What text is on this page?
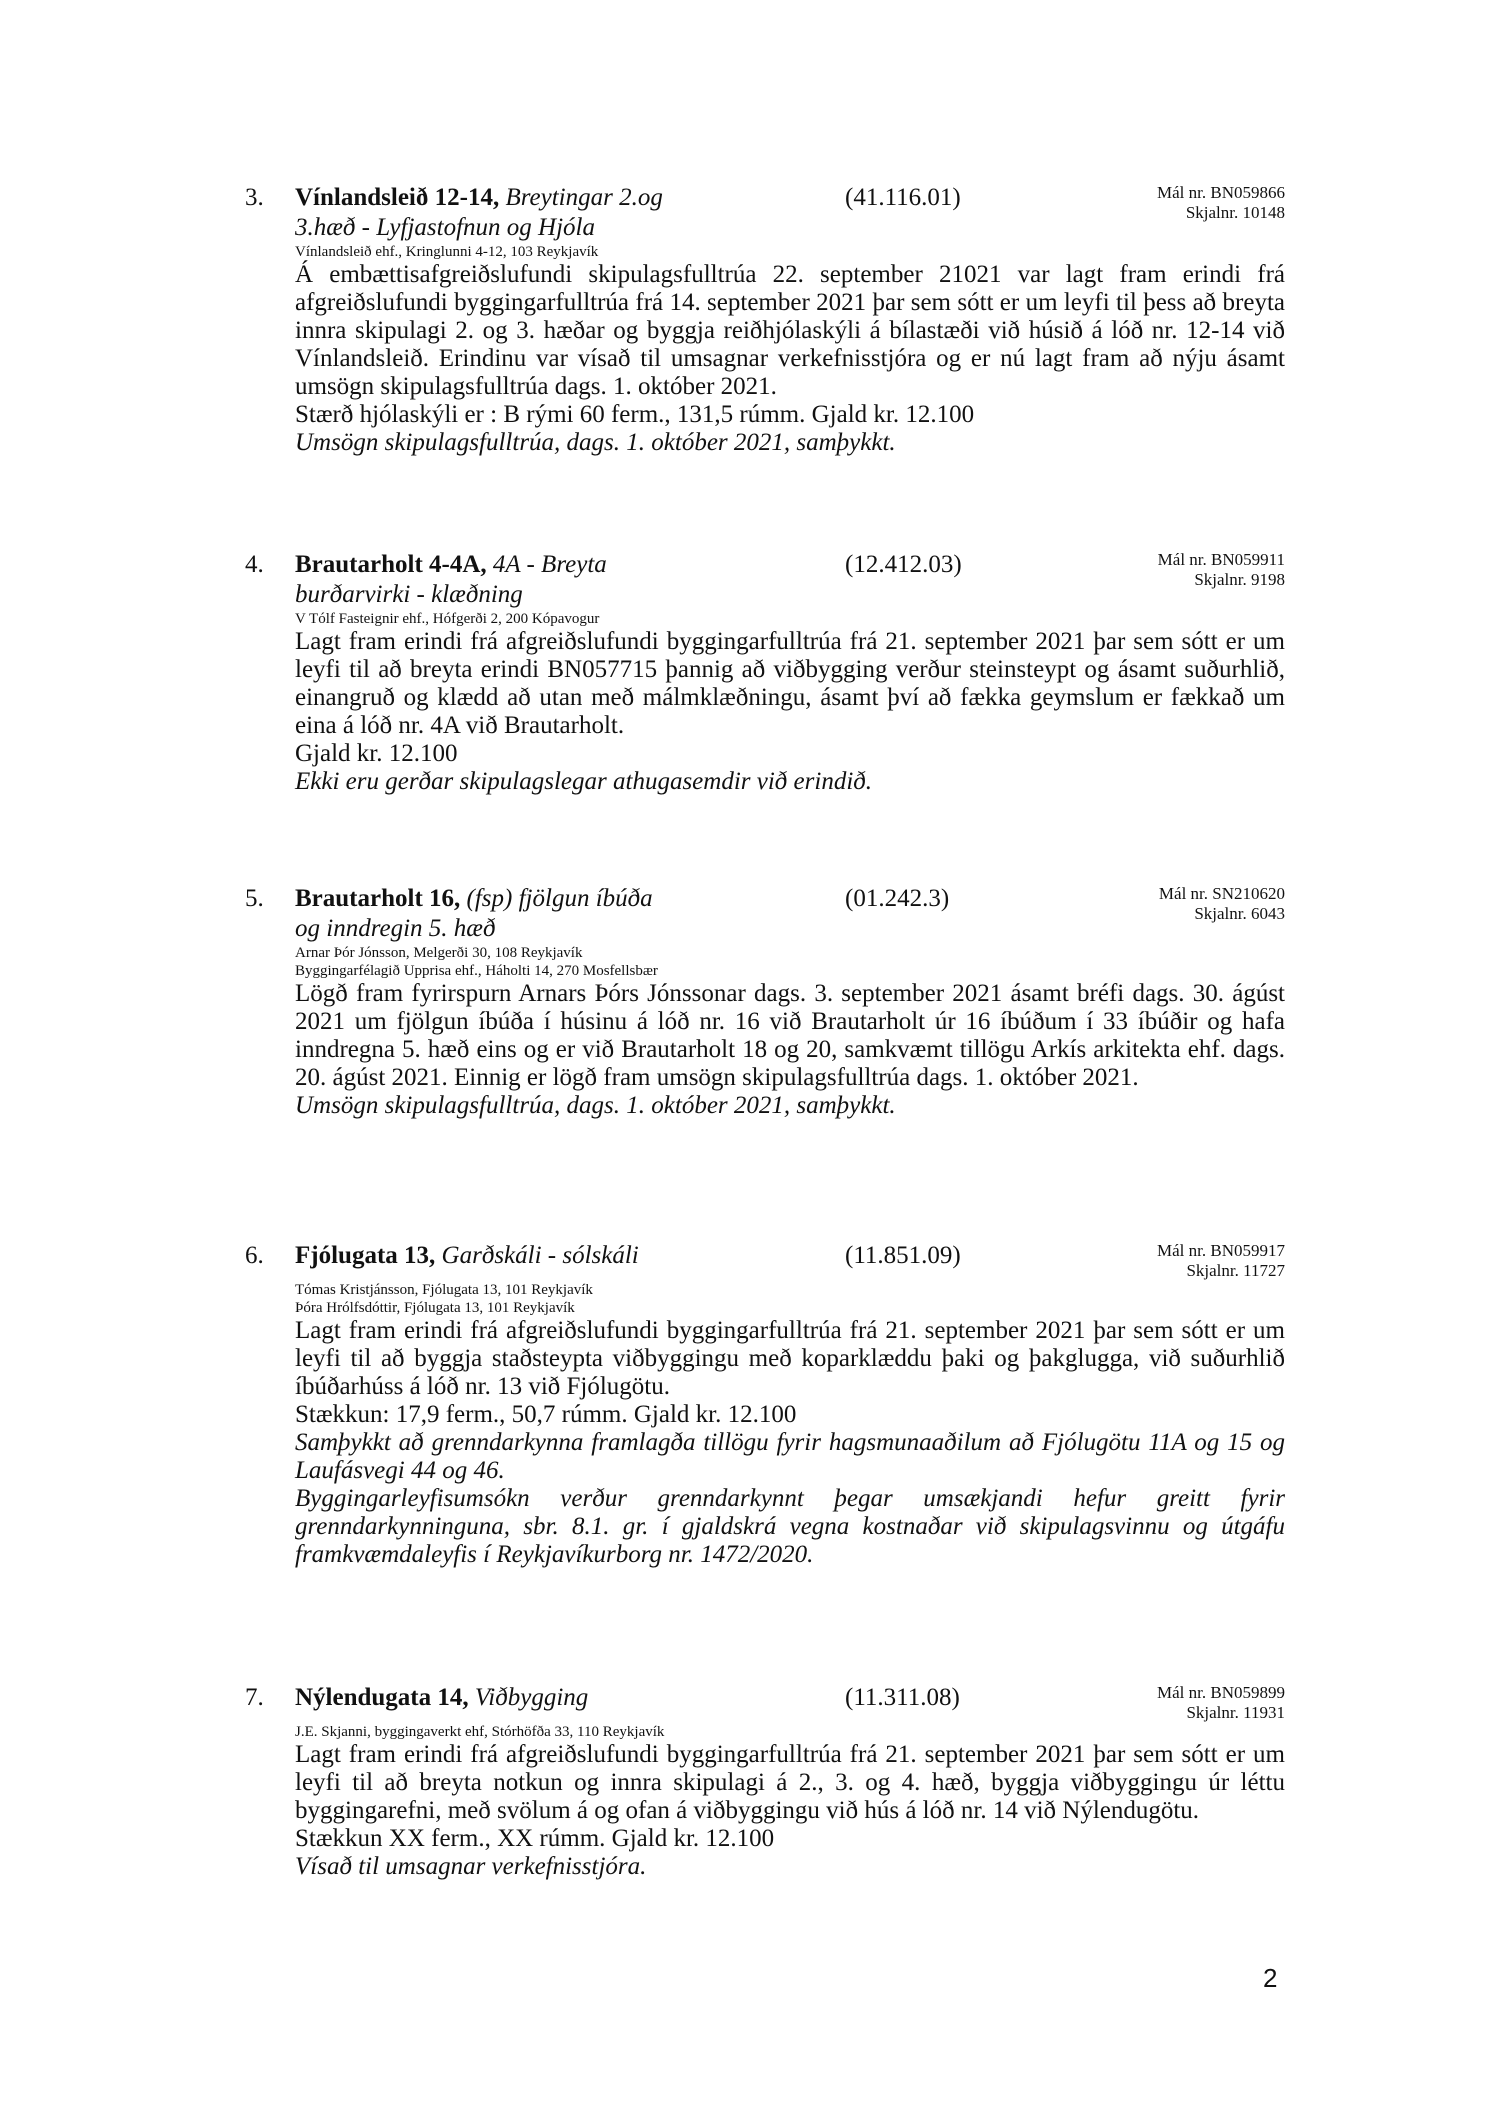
3. Vínlandsleið 12-14, Breytingar 2.og 3.hæð - Lyfjastofnun og Hjóla
(41.116.01)	Mál nr. BN059866
Skjalnr. 10148
Vínlandsleið ehf., Kringlunni 4-12, 103 Reykjavík

Á embættisafgreiðslufundi skipulagsfulltrúa 22. september 21021 var lagt fram erindi frá afgreiðslufundi byggingarfulltrúa frá 14. september 2021 þar sem sótt er um leyfi til þess að breyta innra skipulagi 2. og 3. hæðar og byggja reiðhjólaskýli á bílastæði við húsið á lóð nr. 12-14 við Vínlandsleið. Erindinu var vísað til umsagnar verkefnisstjóra og er nú lagt fram að nýju ásamt umsögn skipulagsfulltrúa dags. 1. október 2021.

Stærð hjólaskýli er : B rými 60 ferm., 131,5 rúmm. Gjald kr. 12.100

Umsögn skipulagsfulltrúa, dags. 1. október 2021, samþykkt.

4. Brautarholt 4-4A, 4A - Breyta burðarvirki - klæðning
(12.412.03)	Mál nr. BN059911
Skjalnr. 9198
V Tólf Fasteignir ehf., Hófgerði 2, 200 Kópavogur

Lagt fram erindi frá afgreiðslufundi byggingarfulltrúa frá 21. september 2021 þar sem sótt er um leyfi til að breyta erindi BN057715 þannig að viðbygging verður steinsteypt og ásamt suðurhlið, einangruð og klædd að utan með málmklæðningu, ásamt því að fækka geymslum er fækkað um eina á lóð nr. 4A við Brautarholt.

Gjald kr. 12.100

Ekki eru gerðar skipulagslegar athugasemdir við erindið.

5. Brautarholt 16, (fsp) fjölgun íbúða og inndregin 5. hæð
(01.242.3)	Mál nr. SN210620
Skjalnr. 6043
Arnar Þór Jónsson, Melgerði 30, 108 Reykjavík
Byggingarfélagið Upprisa ehf., Háholti 14, 270 Mosfellsbær

Lögð fram fyrirspurn Arnars Þórs Jónssonar dags. 3. september 2021 ásamt bréfi dags. 30. ágúst 2021 um fjölgun íbúða í húsinu á lóð nr. 16 við Brautarholt úr 16 íbúðum í 33 íbúðir og hafa inndregna 5. hæð eins og er við Brautarholt 18 og 20, samkvæmt tillögu Arkís arkitekta ehf. dags. 20. ágúst 2021. Einnig er lögð fram umsögn skipulagsfulltrúa dags. 1. október 2021.

Umsögn skipulagsfulltrúa, dags. 1. október 2021, samþykkt.

6. Fjólugata 13, Garðskáli - sólskáli	(11.851.09)	Mál nr. BN059917
Skjalnr. 11727
Tómas Kristjánsson, Fjólugata 13, 101 Reykjavík
Þóra Hrólfsdóttir, Fjólugata 13, 101 Reykjavík

Lagt fram erindi frá afgreiðslufundi byggingarfulltrúa frá 21. september 2021 þar sem sótt er um leyfi til að byggja staðsteypta viðbyggingu með koparklæddu þaki og þakglugga, við suðurhlið íbúðarhúss á lóð nr. 13 við Fjólugötu.

Stækkun: 17,9 ferm., 50,7 rúmm. Gjald kr. 12.100

Samþykkt að grenndarkynna framlagða tillögu fyrir hagsmunaaðilum að Fjólugötu 11A og 15 og Laufásvegi 44 og 46.

Byggingarleyfisumsókn verður grenndarkynnt þegar umsækjandi hefur greitt fyrir grenndarkynninguna, sbr. 8.1. gr. í gjaldskrá vegna kostnaðar við skipulagsvinnu og útgáfu framkvæmdaleyfis í Reykjavíkurborg nr. 1472/2020.

7. Nýlendugata 14, Viðbygging	(11.311.08)	Mál nr. BN059899
Skjalnr. 11931
J.E. Skjanni, byggingaverkt ehf, Stórhöfða 33, 110 Reykjavík

Lagt fram erindi frá afgreiðslufundi byggingarfulltrúa frá 21. september 2021 þar sem sótt er um leyfi til að breyta notkun og innra skipulagi á 2., 3. og 4. hæð, byggja viðbyggingu úr léttu byggingarefni, með svölum á og ofan á viðbyggingu við hús á lóð nr. 14 við Nýlendugötu.

Stækkun XX ferm., XX rúmm. Gjald kr. 12.100

Vísað til umsagnar verkefnisstjóra.

2
